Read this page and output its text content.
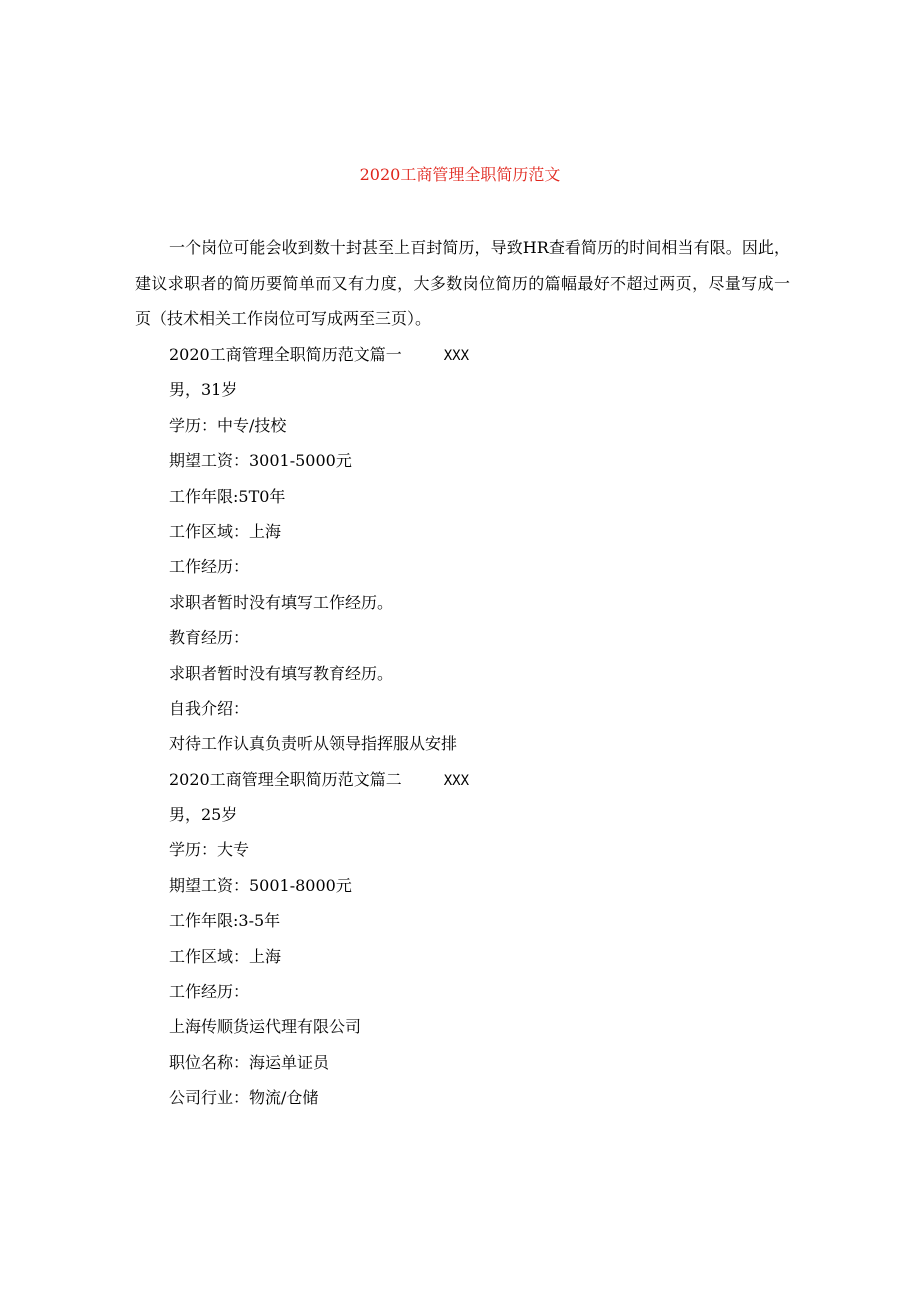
2020工商管理全职简历范文

一个岗位可能会收到数十封甚至上百封简历，导致HR查看简历的时间相当有限。因此，建议求职者的简历要简单而又有力度，大多数岗位简历的篇幅最好不超过两页，尽量写成一页（技术相关工作岗位可写成两至三页）。

2020工商管理全职简历范文篇一	XXX
男，31岁
学历：中专/技校
期望工资：3001-5000元
工作年限:5T0年
工作区域：上海
工作经历：
求职者暂时没有填写工作经历。
教育经历：
求职者暂时没有填写教育经历。
自我介绍：
对待工作认真负责听从领导指挥服从安排
2020工商管理全职简历范文篇二	XXX
男，25岁
学历：大专
期望工资：5001-8000元
工作年限:3-5年
工作区域：上海
工作经历：
上海传顺货运代理有限公司
职位名称：海运单证员
公司行业：物流/仓储
